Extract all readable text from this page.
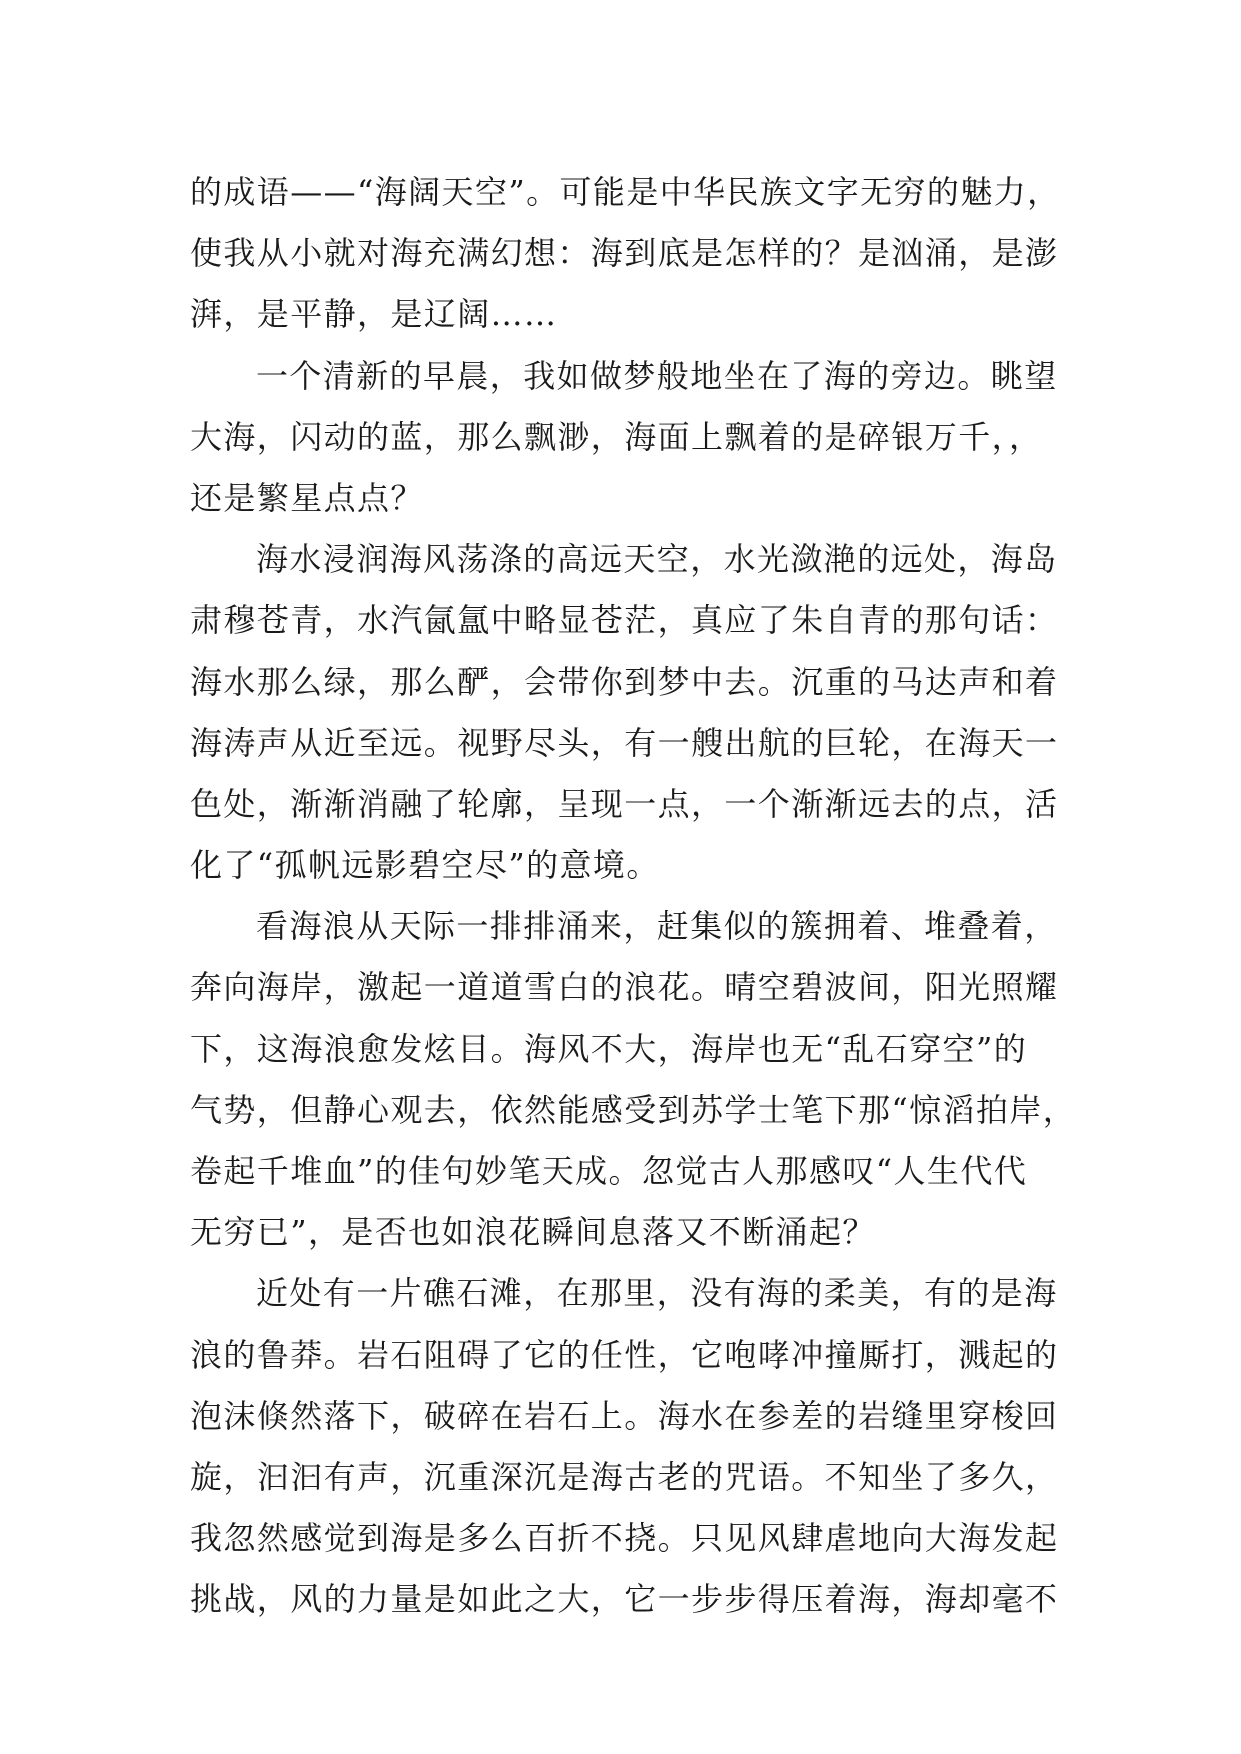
的成语——“海阔天空”。可能是中华民族文字无穷的魅力，
使我从小就对海充满幻想：海到底是怎样的？是汹涌，是澎
湃，是平静，是辽阔……
一个清新的早晨，我如做梦般地坐在了海的旁边。眺望
大海，闪动的蓝，那么飘渺，海面上飘着的是碎银万千，，
还是繁星点点？
海水浸润海风荡涤的高远天空，水光潋滟的远处，海岛
肃穆苍青，水汽氤氲中略显苍茫，真应了朱自青的那句话：
海水那么绿，那么酽，会带你到梦中去。沉重的马达声和着
海涛声从近至远。视野尽头，有一艘出航的巨轮，在海天一
色处，渐渐消融了轮廓，呈现一点，一个渐渐远去的点，活
化了“孤帆远影碧空尽”的意境。
看海浪从天际一排排涌来，赶集似的簇拥着、堆叠着，
奔向海岸，激起一道道雪白的浪花。晴空碧波间，阳光照耀
下，这海浪愈发炫目。海风不大，海岸也无“乱石穿空”的
气势，但静心观去，依然能感受到苏学士笔下那“惊滔拍岸，
卷起千堆血”的佳句妙笔天成。忽觉古人那感叹“人生代代
无穷已”，是否也如浪花瞬间息落又不断涌起？
近处有一片礁石滩，在那里，没有海的柔美，有的是海
浪的鲁莽。岩石阻碍了它的任性，它咆哮冲撞厮打，溅起的
泡沫倏然落下，破碎在岩石上。海水在参差的岩缝里穿梭回
旋，汩汩有声，沉重深沉是海古老的咒语。不知坐了多久，
我忽然感觉到海是多么百折不挠。只见风肆虐地向大海发起
挑战，风的力量是如此之大，它一步步得压着海，海却毫不
